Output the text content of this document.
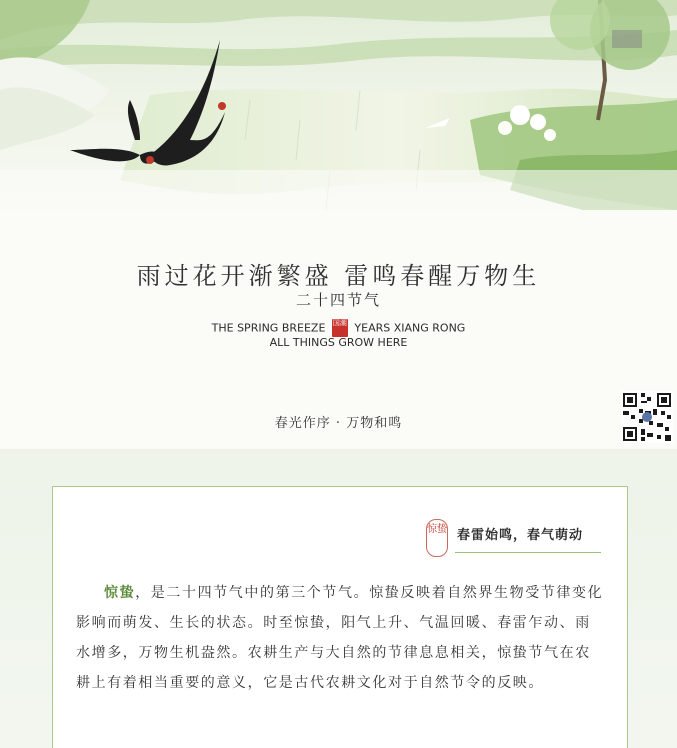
雨过花开渐繁盛 雷鸣春醒万物生
二十四节气
THE SPRING BREEZE 国潮 YEARS XIANG RONG
ALL THINGS GROW HERE
春光作序 · 万物和鸣
惊蛰 春雷始鸣，春气萌动

惊蛰，是二十四节气中的第三个节气。惊蛰反映着自然界生物受节律变化影响而萌发、生长的状态。时至惊蛰，阳气上升、气温回暖、春雷乍动、雨水增多，万物生机盎然。农耕生产与大自然的节律息息相关，惊蛰节气在农耕上有着相当重要的意义，它是古代农耕文化对于自然节令的反映。
